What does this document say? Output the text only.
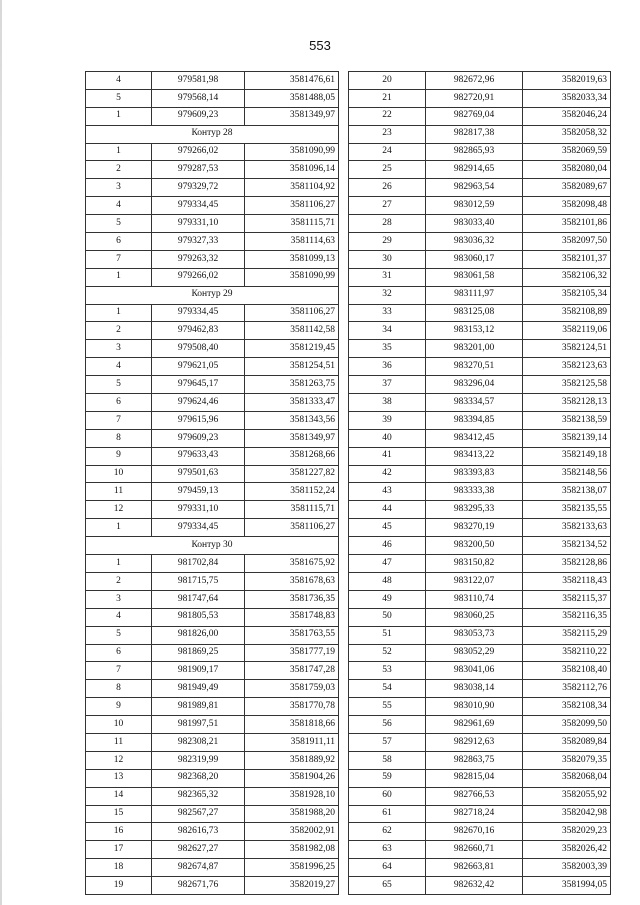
553
4	979581,98	3581476,61
5	979568,14	3581488,05
1	979609,23	3581349,97
Контур 28		
1	979266,02	3581090,99
2	979287,53	3581096,14
3	979329,72	3581104,92
4	979334,45	3581106,27
5	979331,10	3581115,71
6	979327,33	3581114,63
7	979263,32	3581099,13
1	979266,02	3581090,99
Контур 29		
1	979334,45	3581106,27
2	979462,83	3581142,58
3	979508,40	3581219,45
4	979621,05	3581254,51
5	979645,17	3581263,75
6	979624,46	3581333,47
7	979615,96	3581343,56
8	979609,23	3581349,97
9	979633,43	3581268,66
10	979501,63	3581227,82
11	979459,13	3581152,24
12	979331,10	3581115,71
1	979334,45	3581106,27
Контур 30		
1	981702,84	3581675,92
2	981715,75	3581678,63
3	981747,64	3581736,35
4	981805,53	3581748,83
5	981826,00	3581763,55
6	981869,25	3581777,19
7	981909,17	3581747,28
8	981949,49	3581759,03
9	981989,81	3581770,78
10	981997,51	3581818,66
11	982308,21	3581911,11
12	982319,99	3581889,92
13	982368,20	3581904,26
14	982365,32	3581928,10
15	982567,27	3581988,20
16	982616,73	3582002,91
17	982627,27	3581982,08
18	982674,87	3581996,25
19	982671,76	3582019,27
20	982672,96	3582019,63
21	982720,91	3582033,34
22	982769,04	3582046,24
23	982817,38	3582058,32
24	982865,93	3582069,59
25	982914,65	3582080,04
26	982963,54	3582089,67
27	983012,59	3582098,48
28	983033,40	3582101,86
29	983036,32	3582097,50
30	983060,17	3582101,37
31	983061,58	3582106,32
32	983111,97	3582105,34
33	983125,08	3582108,89
34	983153,12	3582119,06
35	983201,00	3582124,51
36	983270,51	3582123,63
37	983296,04	3582125,58
38	983334,57	3582128,13
39	983394,85	3582138,59
40	983412,45	3582139,14
41	983413,22	3582149,18
42	983393,83	3582148,56
43	983333,38	3582138,07
44	983295,33	3582135,55
45	983270,19	3582133,63
46	983200,50	3582134,52
47	983150,82	3582128,86
48	983122,07	3582118,43
49	983110,74	3582115,37
50	983060,25	3582116,35
51	983053,73	3582115,29
52	983052,29	3582110,22
53	983041,06	3582108,40
54	983038,14	3582112,76
55	983010,90	3582108,34
56	982961,69	3582099,50
57	982912,63	3582089,84
58	982863,75	3582079,35
59	982815,04	3582068,04
60	982766,53	3582055,92
61	982718,24	3582042,98
62	982670,16	3582029,23
63	982660,71	3582026,42
64	982663,81	3582003,39
65	982632,42	3581994,05
